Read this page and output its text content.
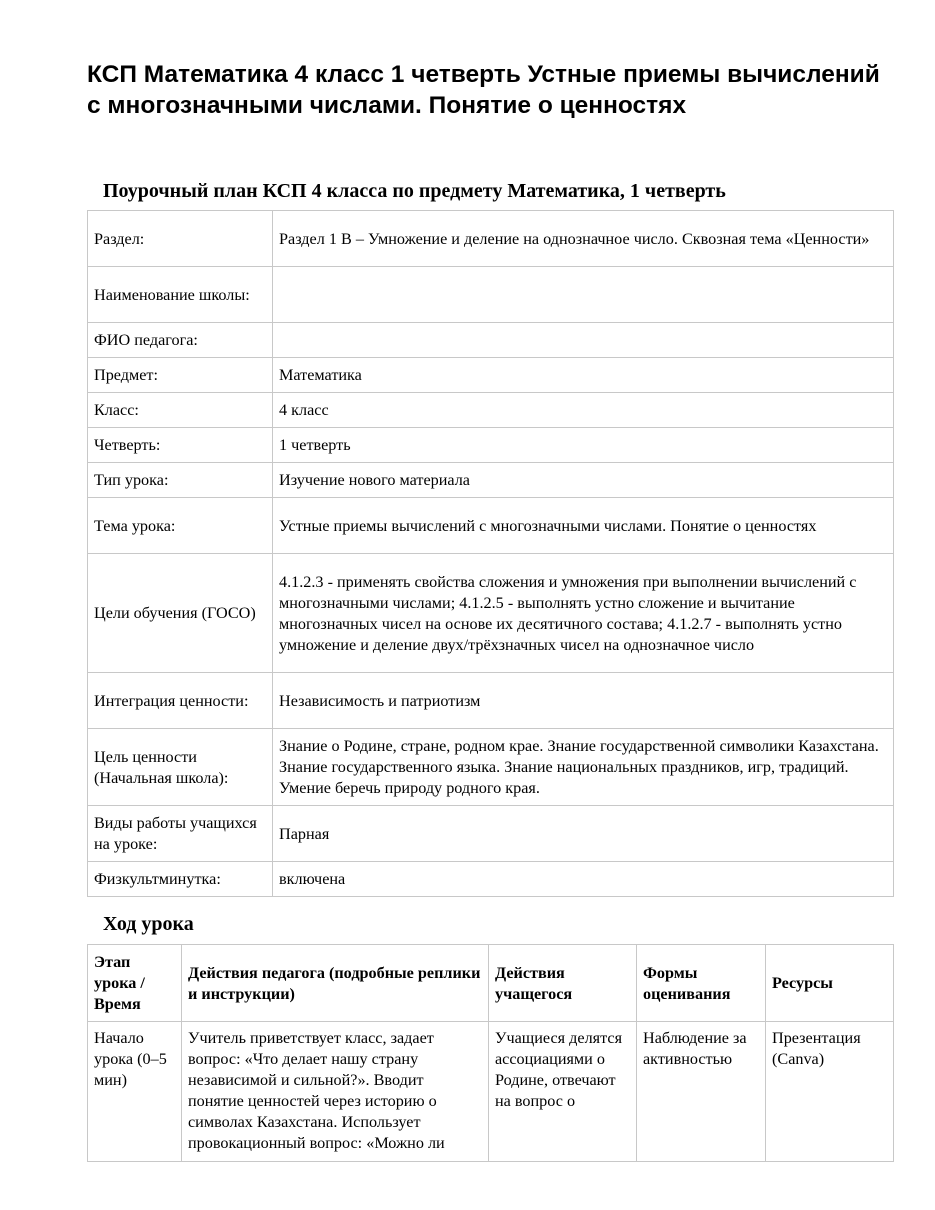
КСП Математика 4 класс 1 четверть Устные приемы вычислений с многозначными числами. Понятие о ценностях
Поурочный план КСП 4 класса по предмету Математика, 1 четверть
Раздел:	Раздел 1 В – Умножение и деление на однозначное число. Сквозная тема «Ценности»
Наименование школы:	
ФИО педагога:	
Предмет:	Математика
Класс:	4 класс
Четверть:	1 четверть
Тип урока:	Изучение нового материала
Тема урока:	Устные приемы вычислений с многозначными числами. Понятие о ценностях
Цели обучения (ГОСО)	4.1.2.3 - применять свойства сложения и умножения при выполнении вычислений с многозначными числами; 4.1.2.5 - выполнять устно сложение и вычитание многозначных чисел на основе их десятичного состава; 4.1.2.7 - выполнять устно умножение и деление двух/трёхзначных чисел на однозначное число
Интеграция ценности:	Независимость и патриотизм
Цель ценности (Начальная школа):	Знание о Родине, стране, родном крае. Знание государственной символики Казахстана. Знание государственного языка. Знание национальных праздников, игр, традиций. Умение беречь природу родного края.
Виды работы учащихся на уроке:	Парная
Физкультминутка:	включена
Ход урока
Этап урока / Время	Действия педагога (подробные реплики и инструкции)	Действия учащегося	Формы оценивания	Ресурсы
Начало урока (0–5 мин)	Учитель приветствует класс, задает вопрос: «Что делает нашу страну независимой и сильной?». Вводит понятие ценностей через историю о символах Казахстана. Использует провокационный вопрос: «Можно ли	Учащиеся делятся ассоциациями о Родине, отвечают на вопрос о	Наблюдение за активностью	Презентация (Canva)
